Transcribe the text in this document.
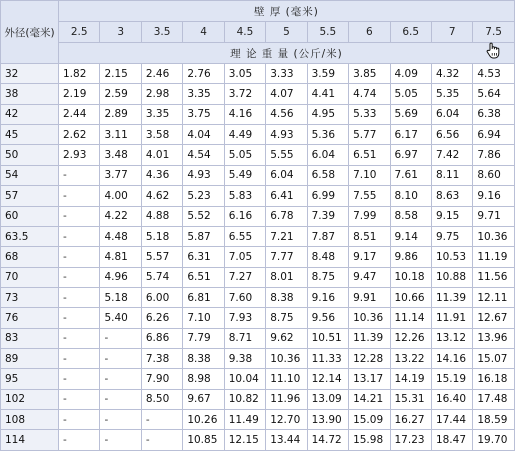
外径(毫米)	壁 厚 (毫米)										
	2.5	3	3.5	4	4.5	5	5.5	6	6.5	7	7.5
	理 论 重 量 (公斤/米)										
32	1.82	2.15	2.46	2.76	3.05	3.33	3.59	3.85	4.09	4.32	4.53
38	2.19	2.59	2.98	3.35	3.72	4.07	4.41	4.74	5.05	5.35	5.64
42	2.44	2.89	3.35	3.75	4.16	4.56	4.95	5.33	5.69	6.04	6.38
45	2.62	3.11	3.58	4.04	4.49	4.93	5.36	5.77	6.17	6.56	6.94
50	2.93	3.48	4.01	4.54	5.05	5.55	6.04	6.51	6.97	7.42	7.86
54	-	3.77	4.36	4.93	5.49	6.04	6.58	7.10	7.61	8.11	8.60
57	-	4.00	4.62	5.23	5.83	6.41	6.99	7.55	8.10	8.63	9.16
60	-	4.22	4.88	5.52	6.16	6.78	7.39	7.99	8.58	9.15	9.71
63.5	-	4.48	5.18	5.87	6.55	7.21	7.87	8.51	9.14	9.75	10.36
68	-	4.81	5.57	6.31	7.05	7.77	8.48	9.17	9.86	10.53	11.19
70	-	4.96	5.74	6.51	7.27	8.01	8.75	9.47	10.18	10.88	11.56
73	-	5.18	6.00	6.81	7.60	8.38	9.16	9.91	10.66	11.39	12.11
76	-	5.40	6.26	7.10	7.93	8.75	9.56	10.36	11.14	11.91	12.67
83	-	-	6.86	7.79	8.71	9.62	10.51	11.39	12.26	13.12	13.96
89	-	-	7.38	8.38	9.38	10.36	11.33	12.28	13.22	14.16	15.07
95	-	-	7.90	8.98	10.04	11.10	12.14	13.17	14.19	15.19	16.18
102	-	-	8.50	9.67	10.82	11.96	13.09	14.21	15.31	16.40	17.48
108	-	-	-	10.26	11.49	12.70	13.90	15.09	16.27	17.44	18.59
114	-	-	-	10.85	12.15	13.44	14.72	15.98	17.23	18.47	19.70
